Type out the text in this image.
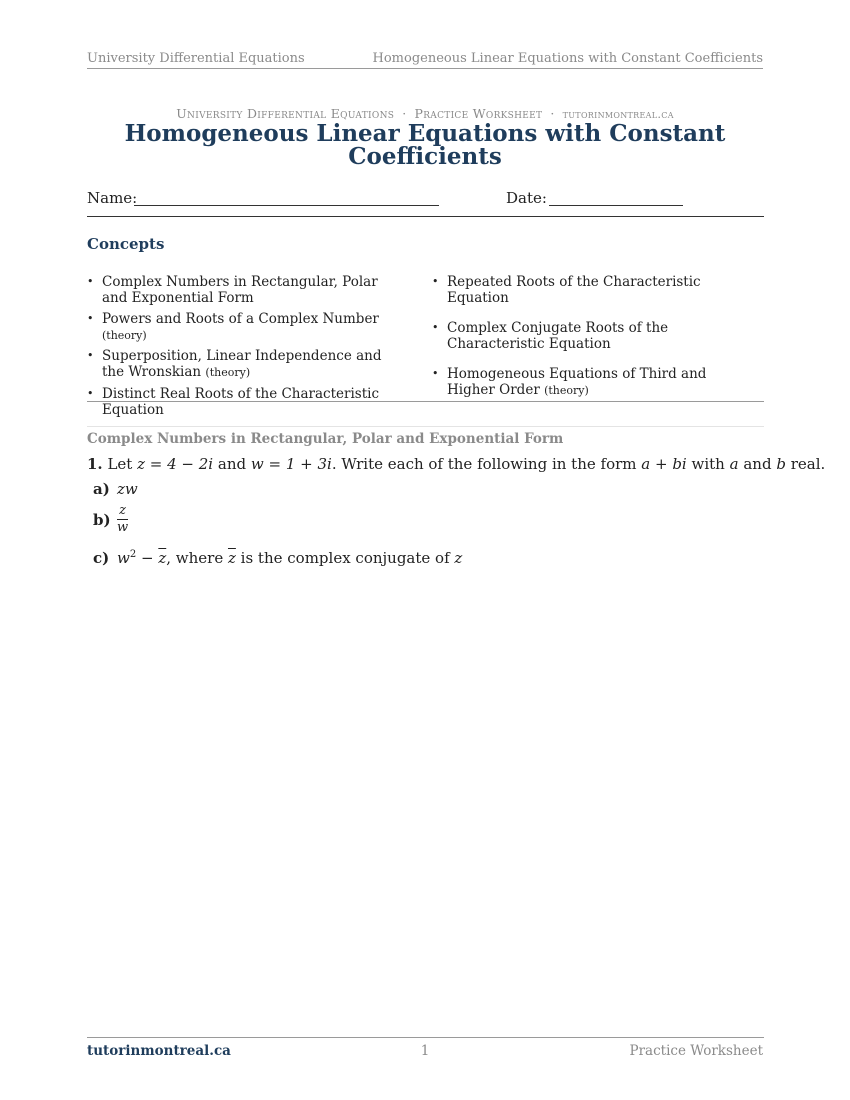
University Differential Equations	Homogeneous Linear Equations with Constant Coefficients
University Differential Equations · Practice Worksheet · tutorinmontreal.ca
Homogeneous Linear Equations with Constant Coefficients
Name:	Date:
Concepts
• Complex Numbers in Rectangular, Polar and Exponential Form
• Powers and Roots of a Complex Number (theory)
• Superposition, Linear Independence and the Wronskian (theory)
• Distinct Real Roots of the Characteristic Equation
• Repeated Roots of the Characteristic Equation
• Complex Conjugate Roots of the Characteristic Equation
• Homogeneous Equations of Third and Higher Order (theory)
Complex Numbers in Rectangular, Polar and Exponential Form
1. Let z = 4 − 2i and w = 1 + 3i. Write each of the following in the form a + bi with a and b real.
a) zw
$b) \frac{z}{w}$
c) $w^2 - \overline{z}$, where $\overline{z}$ is the complex conjugate of z
tutorinmontreal.ca	1	Practice Worksheet
